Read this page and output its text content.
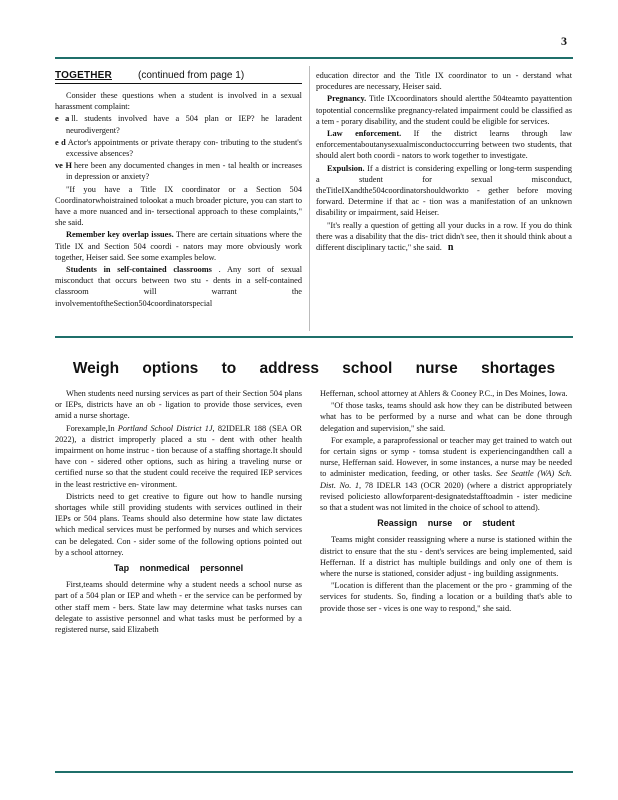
3
TOGETHER	(continued from page 1)

Consider these questions when a student is involved in a sexual harassment complaint:

e a ll. students involved have a 504 plan or IEP? he laradent neurodivergent?

e d Actor's appointments or private therapy con- tributing to the student's excessive absences?

ve H here been any documented changes in men - tal health or increases in depression or anxiety?

"If you have a Title IX coordinator or a Section 504 Coordinatorwhoistrained tolookat a much broader picture, you can start to have a more nuanced and in- tersectional approach to these complaints," she said.

Remember key overlap issues. There are certain situations where the Title IX and Section 504 coordi - nators may more obviously work together, Heiser said. See some examples below.

Students in self-contained classrooms . Any sort of sexual misconduct that occurs between two stu - dents in a self-contained classroom will warrant the involvementoftheSection504coordinatorspecial

education director and the Title IX coordinator to un - derstand what procedures are necessary, Heiser said.

Pregnancy. Title IXcoordinators should alertthe 504teamto payattention topotential concernslike pregnancy-related impairment could be classified as a tem - porary disability, and the student could be eligible for services.

Law enforcement. If the district learns through law enforcementaboutanysexualmisconductoccurring between two students, that should alert both coordi - nators to work together to investigate.

Expulsion. If a district is considering expelling or long-term suspending a student for sexual misconduct, theTitleIXandthe504coordinatorshouldworkto - gether before moving forward. Determine if that ac - tion was a manifestation of an unknown disability or impairment, said Heiser.

"It's really a question of getting all your ducks in a row. If you do think there was a disability that the dis- trict didn't see, then it should think about a different disciplinary tactic," she said. n

Weigh options to address school nurse shortages

When students need nursing services as part of their Section 504 plans or IEPs, districts have an ob - ligation to provide those services, even amid a nurse shortage.

Forexample,In Portland School District 1J, 82IDELR 188 (SEA OR 2022), a district improperly placed a stu - dent with other health impairment on home instruc - tion because of a staffing shortage.It should have con - sidered other options, such as hiring a traveling nurse or certified nurse so that the student could receive the required IEP services in the least restrictive en- vironment.

Districts need to get creative to figure out how to handle nursing shortages while still providing students with services outlined in their IEPs or 504 plans. Teams should also determine how state law dictates which medical services must be performed by nurses and which services can be delegated. Con - sider some of the following options pointed out by a school attorney.

Tap nonmedical personnel

First,teams should determine why a student needs a school nurse as part of a 504 plan or IEP and wheth - er the service can be performed by other staff mem - bers. State law may determine what tasks nurses can delegate to assistive personnel and what tasks must be performed by a registered nurse, said Elizabeth

Heffernan, school attorney at Ahlers & Cooney P.C., in Des Moines, Iowa.

"Of those tasks, teams should ask how they can be distributed between what has to be performed by a nurse and what can be done through delegation and supervision," she said.

For example, a paraprofessional or teacher may get trained to watch out for certain signs or symp - tomsa student is experiencingandthen call a nurse, Heffernan said. However, in some instances, a nurse may be needed to administer medication, feeding, or other tasks. See Seattle (WA) Sch. Dist. No. 1, 78 IDELR 143 (OCR 2020) (where a district appropriately revised policiesto allowforparent-designatedstafftoadmin - ister medicine so that a student was not limited in the choice of school to attend).

Reassign nurse or student

Teams might consider reassigning where a nurse is stationed within the district to ensure that the stu - dent's services are being implemented, said Heffernan. If a district has multiple buildings and only one of them is where the nurse is stationed, consider adjust - ing building assignments.

"Location is different than the placement or the pro - gramming of the services for students. So, finding a location or a building that's able to provide those ser - vices is one way to respond," she said.
